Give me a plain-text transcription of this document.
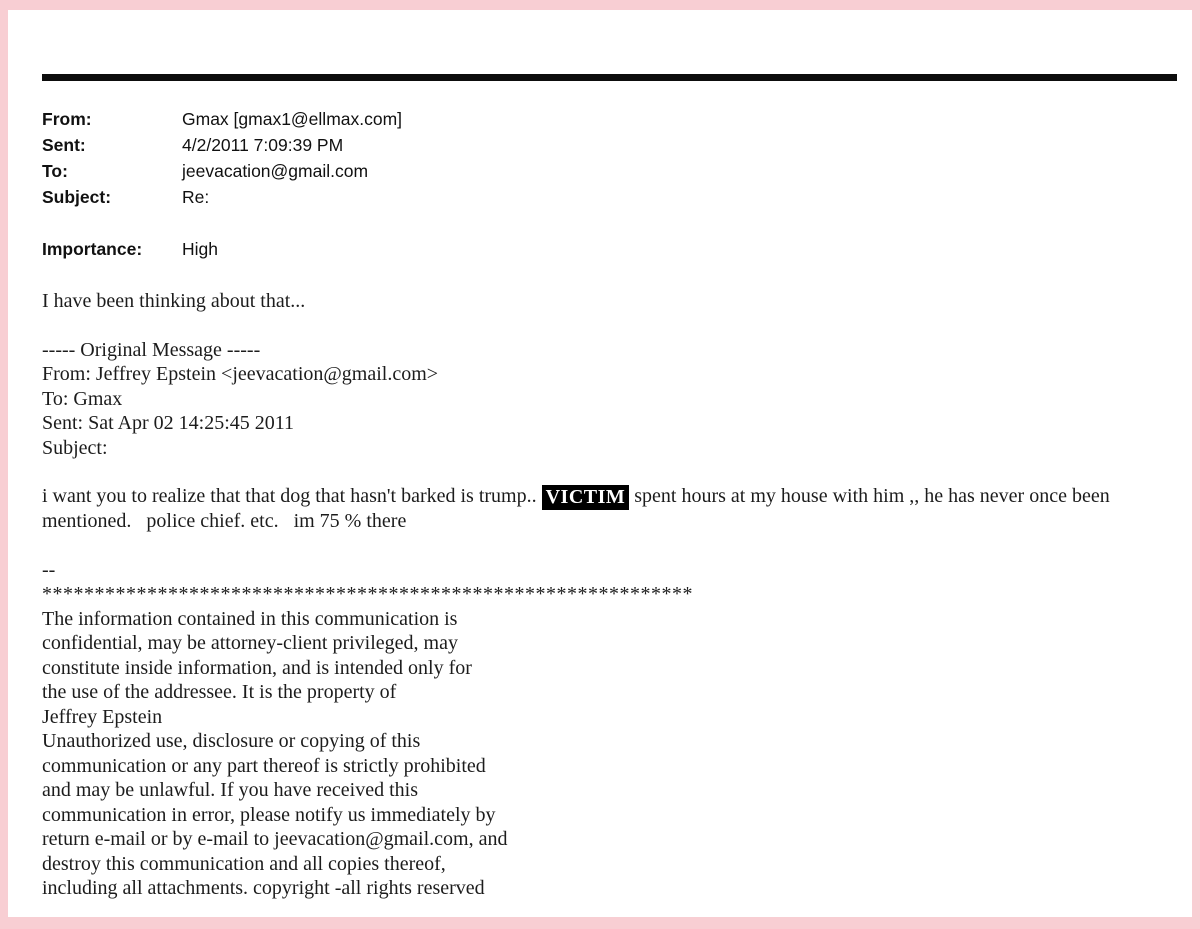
From:	Gmax [gmax1@ellmax.com]
Sent:	4/2/2011 7:09:39 PM
To:	jeevacation@gmail.com
Subject:	Re:
Importance:	High
I have been thinking about that...
----- Original Message -----
From: Jeffrey Epstein <jeevacation@gmail.com>
To: Gmax
Sent: Sat Apr 02 14:25:45 2011
Subject:
i want you to realize that that dog that hasn't barked is trump.. VICTIM spent hours at my house with him ,, he has never once been
mentioned.   police chief. etc.   im 75 % there
--
**************************************************************
The information contained in this communication is
confidential, may be attorney-client privileged, may
constitute inside information, and is intended only for
the use of the addressee. It is the property of
Jeffrey Epstein
Unauthorized use, disclosure or copying of this
communication or any part thereof is strictly prohibited
and may be unlawful. If you have received this
communication in error, please notify us immediately by
return e-mail or by e-mail to jeevacation@gmail.com, and
destroy this communication and all copies thereof,
including all attachments. copyright -all rights reserved
